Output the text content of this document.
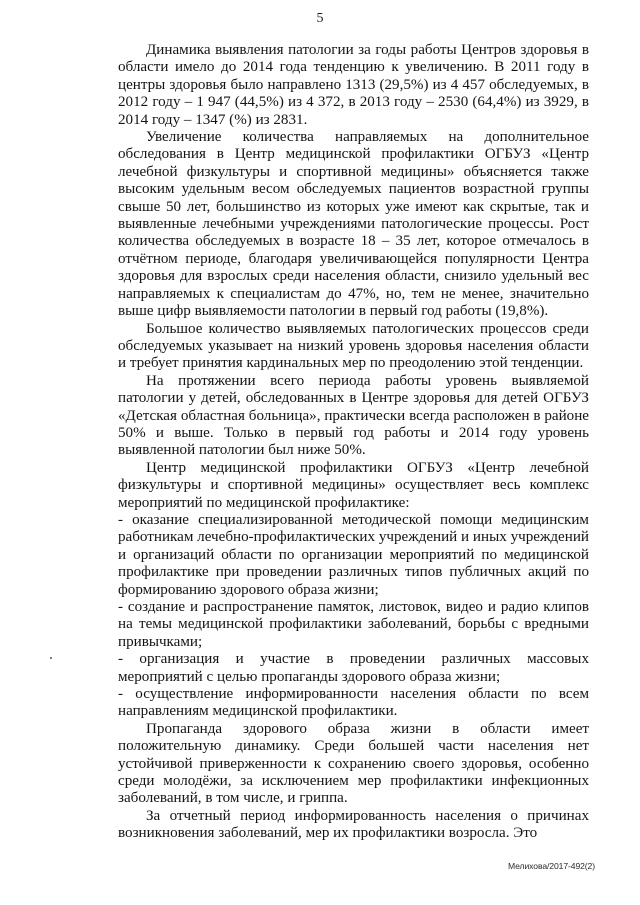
5

Динамика выявления патологии за годы работы Центров здоровья в области имело до 2014 года тенденцию к увеличению. В 2011 году в центры здоровья было направлено 1313 (29,5%) из 4 457 обследуемых, в 2012 году – 1 947 (44,5%) из 4 372, в 2013 году – 2530 (64,4%) из 3929, в 2014 году – 1347 (%) из 2831.

Увеличение количества направляемых на дополнительное обследования в Центр медицинской профилактики ОГБУЗ «Центр лечебной физкультуры и спортивной медицины» объясняется также высоким удельным весом обследуемых пациентов возрастной группы свыше 50 лет, большинство из которых уже имеют как скрытые, так и выявленные лечебными учреждениями патологические процессы. Рост количества обследуемых в возрасте 18 – 35 лет, которое отмечалось в отчётном периоде, благодаря увеличивающейся популярности Центра здоровья для взрослых среди населения области, снизило удельный вес направляемых к специалистам до 47%, но, тем не менее, значительно выше цифр выявляемости патологии в первый год работы (19,8%).

Большое количество выявляемых патологических процессов среди обследуемых указывает на низкий уровень здоровья населения области и требует принятия кардинальных мер по преодолению этой тенденции.

На протяжении всего периода работы уровень выявляемой патологии у детей, обследованных в Центре здоровья для детей ОГБУЗ «Детская областная больница», практически всегда расположен в районе 50% и выше. Только в первый год работы и 2014 году уровень выявленной патологии был ниже 50%.

Центр медицинской профилактики ОГБУЗ «Центр лечебной физкультуры и спортивной медицины» осуществляет весь комплекс мероприятий по медицинской профилактике:

- оказание специализированной методической помощи медицинским работникам лечебно-профилактических учреждений и иных учреждений и организаций области по организации мероприятий по медицинской профилактике при проведении различных типов публичных акций по формированию здорового образа жизни;

- создание и распространение памяток, листовок, видео и радио клипов на темы медицинской профилактики заболеваний, борьбы с вредными привычками;

- организация и участие в проведении различных массовых мероприятий с целью пропаганды здорового образа жизни;

- осуществление информированности населения области по всем направлениям медицинской профилактики.

Пропаганда здорового образа жизни в области имеет положительную динамику. Среди большей части населения нет устойчивой приверженности к сохранению своего здоровья, особенно среди молодёжи, за исключением мер профилактики инфекционных заболеваний, в том числе, и гриппа.

За отчетный период информированность населения о причинах возникновения заболеваний, мер их профилактики возросла. Это

Мелихова/2017-492(2)
